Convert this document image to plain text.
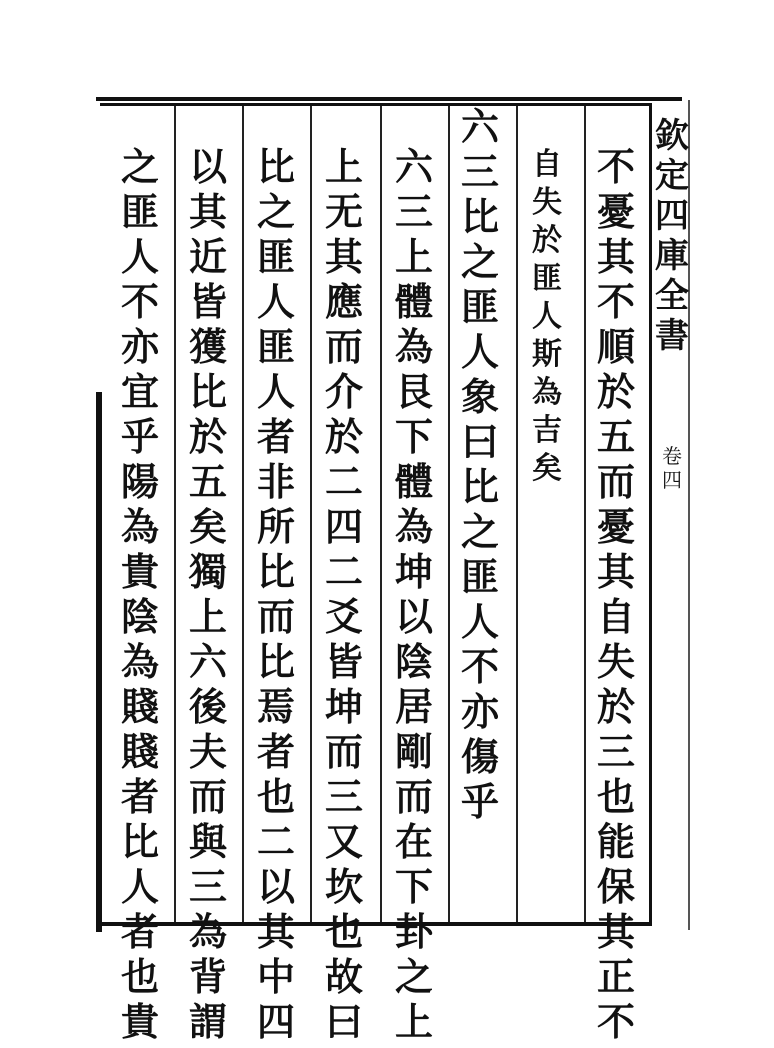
欽
定
四
庫
全
書
卷
四
不
憂
其
不
順
於
五
而
憂
其
自
失
於
三
也
能
保
其
正
不
自
失
於
匪
人
斯
為
吉
矣
六
三
比
之
匪
人
象
曰
比
之
匪
人
不
亦
傷
乎
六
三
上
體
為
艮
下
體
為
坤
以
陰
居
剛
而
在
下
卦
之
上
上
无
其
應
而
介
於
二
四
二
爻
皆
坤
而
三
又
坎
也
故
曰
比
之
匪
人
匪
人
者
非
所
比
而
比
焉
者
也
二
以
其
中
四
以
其
近
皆
獲
比
於
五
矣
獨
上
六
後
夫
而
與
三
為
背
謂
之
匪
人
不
亦
宜
乎
陽
為
貴
陰
為
賤
賤
者
比
人
者
也
貴
